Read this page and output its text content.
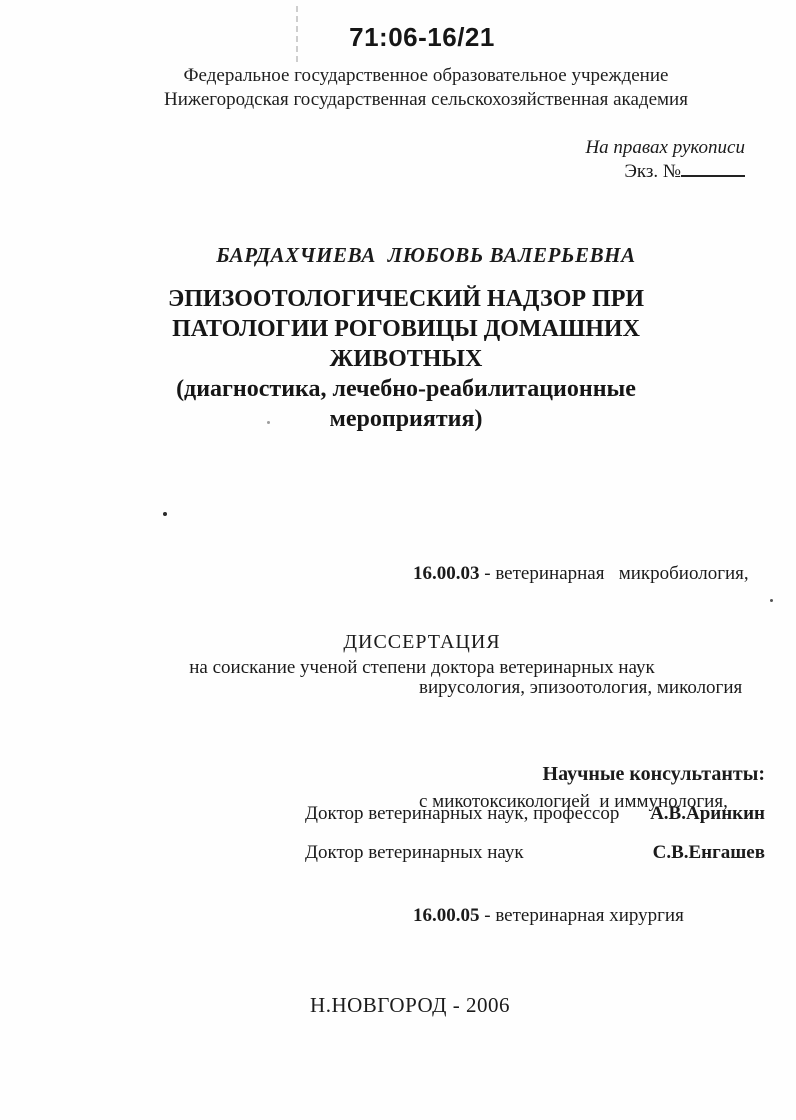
71:06-16/21
Федеральное государственное образовательное учреждение
Нижегородская государственная сельскохозяйственная академия
На правах рукописи
Экз. №
БАРДАХЧИЕВА  ЛЮБОВЬ ВАЛЕРЬЕВНА
ЭПИЗООТОЛОГИЧЕСКИЙ НАДЗОР ПРИ
ПАТОЛОГИИ РОГОВИЦЫ ДОМАШНИХ
ЖИВОТНЫХ
(диагностика, лечебно-реабилитационные
мероприятия)

16.00.03 - ветеринарная   микробиология,

вирусология, эпизоотология, микология

с микотоксикологией  и иммунология,

16.00.05 - ветеринарная хирургия

ДИССЕРТАЦИЯ
на соискание ученой степени доктора ветеринарных наук
Научные консультанты:
Доктор ветеринарных наук, профессор А.В.Аринкин
Доктор ветеринарных наук	С.В.Енгашев
Н.НОВГОРОД - 2006
